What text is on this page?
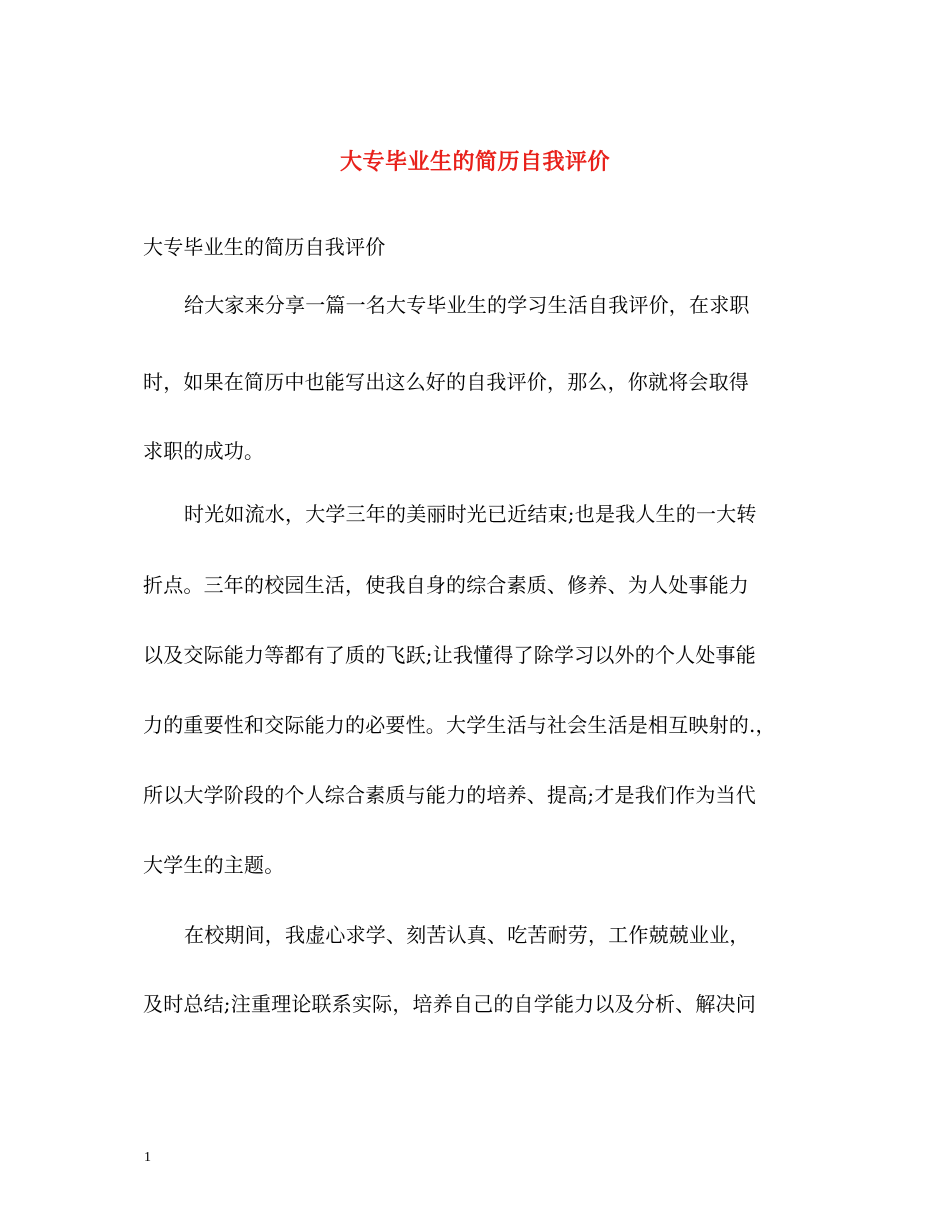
大专毕业生的简历自我评价
大专毕业生的简历自我评价
给大家来分享一篇一名大专毕业生的学习生活自我评价，在求职
时，如果在简历中也能写出这么好的自我评价，那么，你就将会取得
求职的成功。
时光如流水，大学三年的美丽时光已近结束;也是我人生的一大转
折点。三年的校园生活，使我自身的综合素质、修养、为人处事能力
以及交际能力等都有了质的飞跃;让我懂得了除学习以外的个人处事能
力的重要性和交际能力的必要性。大学生活与社会生活是相互映射的.，
所以大学阶段的个人综合素质与能力的培养、提高;才是我们作为当代
大学生的主题。
在校期间，我虚心求学、刻苦认真、吃苦耐劳，工作兢兢业业，
及时总结;注重理论联系实际，培养自己的自学能力以及分析、解决问
1
